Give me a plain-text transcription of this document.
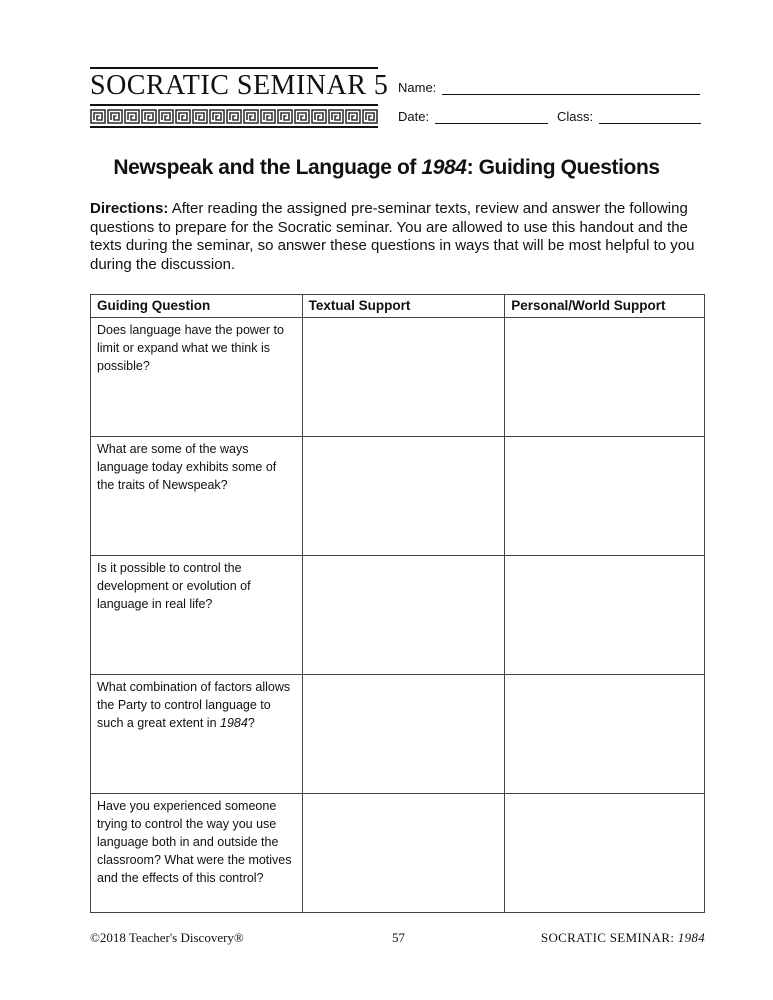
SOCRATIC SEMINAR 5 Name:
Date:	Class:
Newspeak and the Language of 1984: Guiding Questions
Directions: After reading the assigned pre-seminar texts, review and answer the following questions to prepare for the Socratic seminar. You are allowed to use this handout and the texts during the seminar, so answer these questions in ways that will be most helpful to you during the discussion.
Guiding Question	Textual Support	Personal/World Support
Does language have the power to limit or expand what we think is possible?		
What are some of the ways language today exhibits some of the traits of Newspeak?		
Is it possible to control the development or evolution of language in real life?		
What combination of factors allows the Party to control language to such a great extent in 1984?		
Have you experienced someone trying to control the way you use language both in and outside the classroom? What were the motives and the effects of this control?		
©2018 Teacher's Discovery®	57	SOCRATIC SEMINAR: 1984
